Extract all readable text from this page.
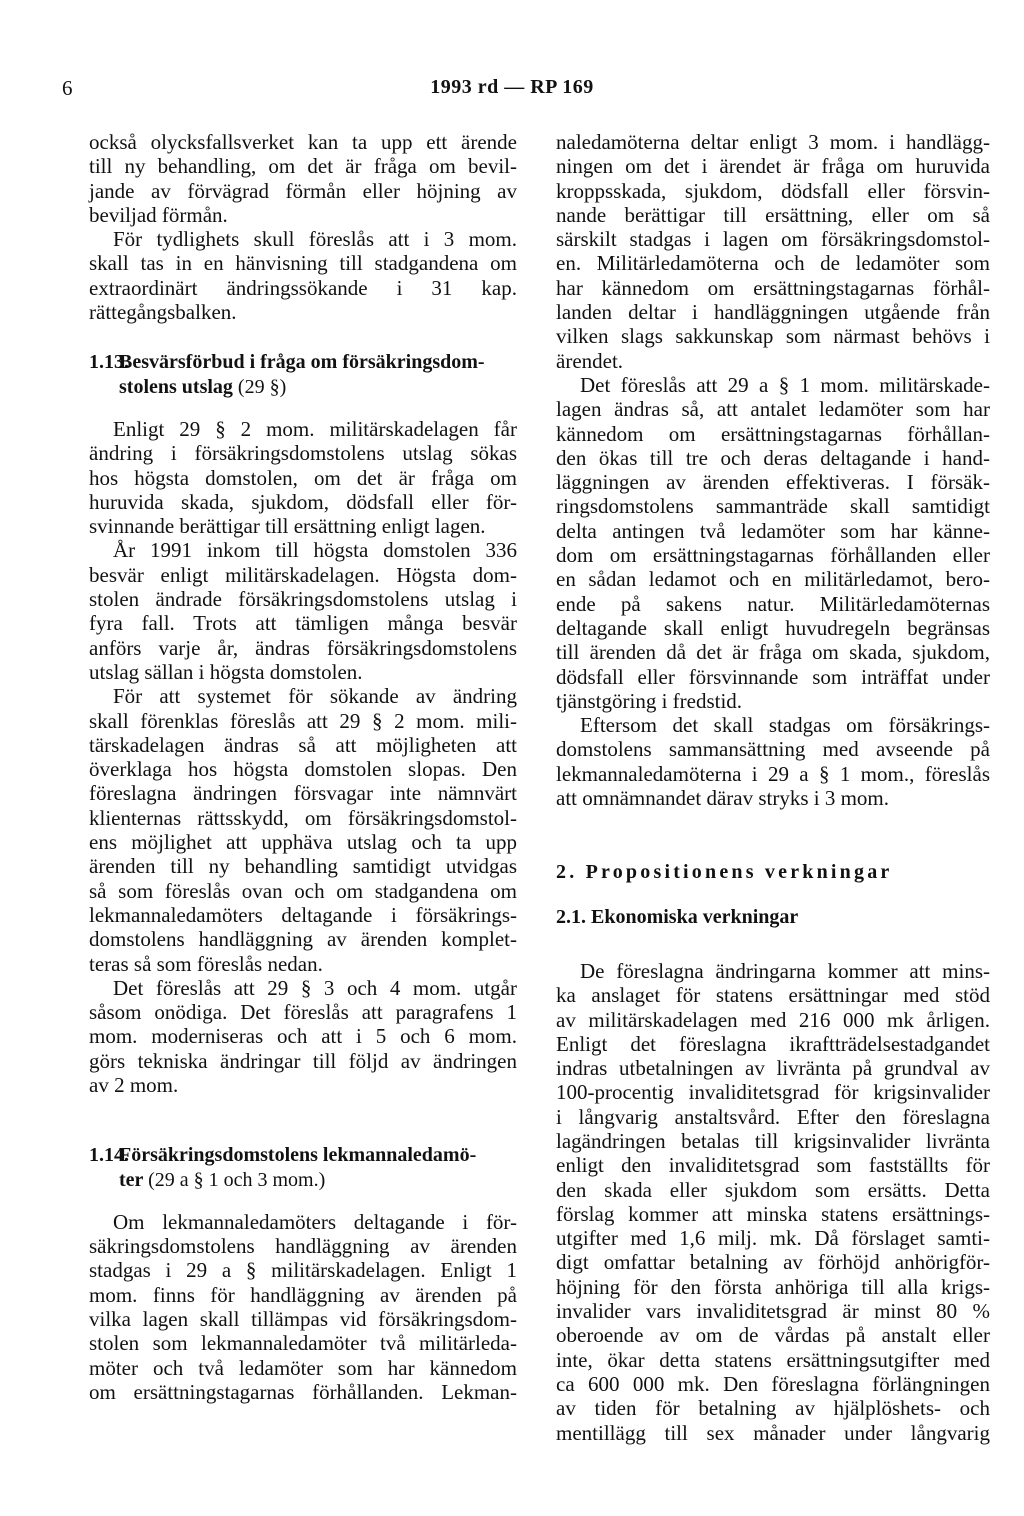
6	1993 rd — RP 169
också olycksfallsverket kan ta upp ett ärende
till ny behandling, om det är fråga om bevil-
jande av förvägrad förmån eller höjning av
beviljad förmån.
För tydlighets skull föreslås att i 3 mom.
skall tas in en hänvisning till stadgandena om
extraordinärt ändringssökande i 31 kap.
rättegångsbalken.
1.13.Besvärsförbud i fråga om försäkringsdom-
stolens utslag (29 §)
Enligt 29 § 2 mom. militärskadelagen får
ändring i försäkringsdomstolens utslag sökas
hos högsta domstolen, om det är fråga om
huruvida skada, sjukdom, dödsfall eller för-
svinnande berättigar till ersättning enligt lagen.
År 1991 inkom till högsta domstolen 336
besvär enligt militärskadelagen. Högsta dom-
stolen ändrade försäkringsdomstolens utslag i
fyra fall. Trots att tämligen många besvär
anförs varje år, ändras försäkringsdomstolens
utslag sällan i högsta domstolen.
För att systemet för sökande av ändring
skall förenklas föreslås att 29 § 2 mom. mili-
tärskadelagen ändras så att möjligheten att
överklaga hos högsta domstolen slopas. Den
föreslagna ändringen försvagar inte nämnvärt
klienternas rättsskydd, om försäkringsdomstol-
ens möjlighet att upphäva utslag och ta upp
ärenden till ny behandling samtidigt utvidgas
så som föreslås ovan och om stadgandena om
lekmannaledamöters deltagande i försäkrings-
domstolens handläggning av ärenden komplet-
teras så som föreslås nedan.
Det föreslås att 29 § 3 och 4 mom. utgår
såsom onödiga. Det föreslås att paragrafens 1
mom. moderniseras och att i 5 och 6 mom.
görs tekniska ändringar till följd av ändringen
av 2 mom.
1.14.Försäkringsdomstolens lekmannaledamö-
ter (29 a § 1 och 3 mom.)
Om lekmannaledamöters deltagande i för-
säkringsdomstolens handläggning av ärenden
stadgas i 29 a § militärskadelagen. Enligt 1
mom. finns för handläggning av ärenden på
vilka lagen skall tillämpas vid försäkringsdom-
stolen som lekmannaledamöter två militärleda-
möter och två ledamöter som har kännedom
om ersättningstagarnas förhållanden. Lekman-
naledamöterna deltar enligt 3 mom. i handlägg-
ningen om det i ärendet är fråga om huruvida
kroppsskada, sjukdom, dödsfall eller försvin-
nande berättigar till ersättning, eller om så
särskilt stadgas i lagen om försäkringsdomstol-
en. Militärledamöterna och de ledamöter som
har kännedom om ersättningstagarnas förhål-
landen deltar i handläggningen utgående från
vilken slags sakkunskap som närmast behövs i
ärendet.
Det föreslås att 29 a § 1 mom. militärskade-
lagen ändras så, att antalet ledamöter som har
kännedom om ersättningstagarnas förhållan-
den ökas till tre och deras deltagande i hand-
läggningen av ärenden effektiveras. I försäk-
ringsdomstolens sammanträde skall samtidigt
delta antingen två ledamöter som har känne-
dom om ersättningstagarnas förhållanden eller
en sådan ledamot och en militärledamot, bero-
ende på sakens natur. Militärledamöternas
deltagande skall enligt huvudregeln begränsas
till ärenden då det är fråga om skada, sjukdom,
dödsfall eller försvinnande som inträffat under
tjänstgöring i fredstid.
Eftersom det skall stadgas om försäkrings-
domstolens sammansättning med avseende på
lekmannaledamöterna i 29 a § 1 mom., föreslås
att omnämnandet därav stryks i 3 mom.
2. Propositionens verkningar
2.1. Ekonomiska verkningar
De föreslagna ändringarna kommer att mins-
ka anslaget för statens ersättningar med stöd
av militärskadelagen med 216 000 mk årligen.
Enligt det föreslagna ikraftträdelsestadgandet
indras utbetalningen av livränta på grundval av
100-procentig invaliditetsgrad för krigsinvalider
i långvarig anstaltsvård. Efter den föreslagna
lagändringen betalas till krigsinvalider livränta
enligt den invaliditetsgrad som fastställts för
den skada eller sjukdom som ersätts. Detta
förslag kommer att minska statens ersättnings-
utgifter med 1,6 milj. mk. Då förslaget samti-
digt omfattar betalning av förhöjd anhörigför-
höjning för den första anhöriga till alla krigs-
invalider vars invaliditetsgrad är minst 80 %
oberoende av om de vårdas på anstalt eller
inte, ökar detta statens ersättningsutgifter med
ca 600 000 mk. Den föreslagna förlängningen
av tiden för betalning av hjälplöshets- och
mentillägg till sex månader under långvarig
